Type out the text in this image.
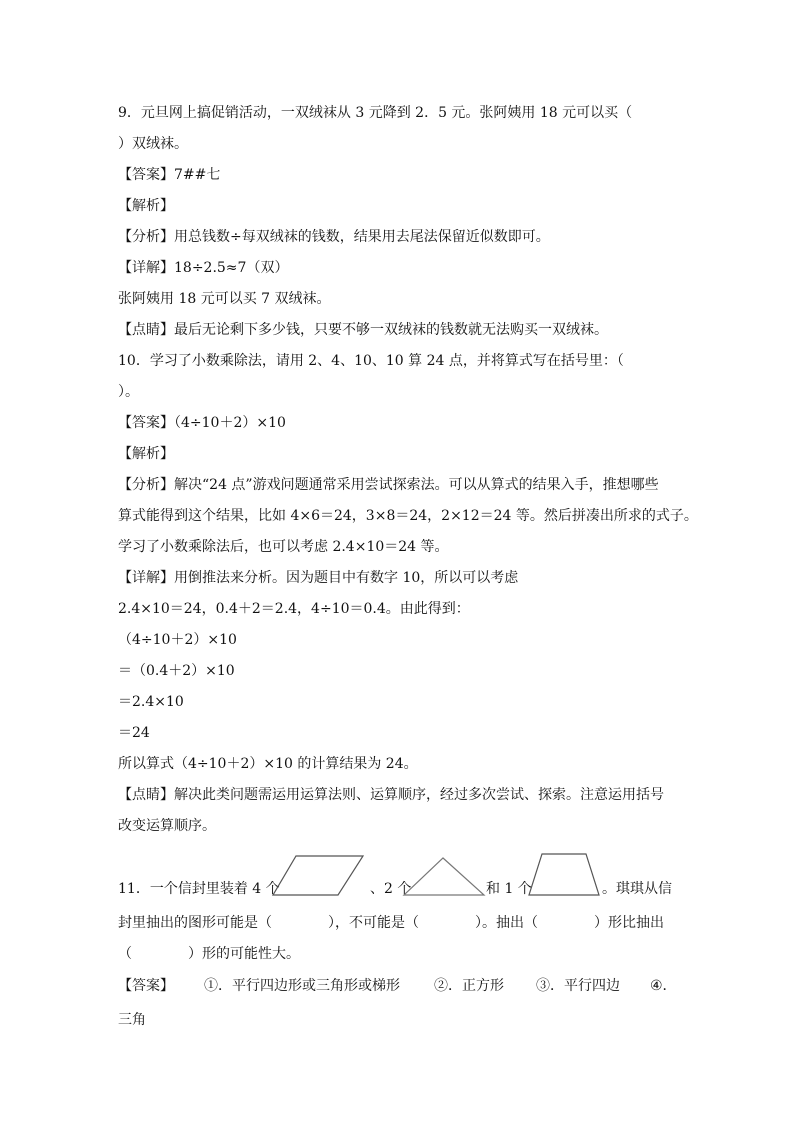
9．元旦网上搞促销活动，一双绒袜从 3 元降到 2．5 元。张阿姨用 18 元可以买（
）双绒袜。
【答案】7##七
【解析】
【分析】用总钱数÷每双绒袜的钱数，结果用去尾法保留近似数即可。
【详解】18÷2.5≈7（双）
张阿姨用 18 元可以买 7 双绒袜。
【点睛】最后无论剩下多少钱，只要不够一双绒袜的钱数就无法购买一双绒袜。
10．学习了小数乘除法，请用 2、4、10、10 算 24 点，并将算式写在括号里：（
）。
【答案】（4÷10＋2）×10
【解析】
【分析】解决“24 点”游戏问题通常采用尝试探索法。可以从算式的结果入手，推想哪些
算式能得到这个结果，比如 4×6＝24，3×8＝24，2×12＝24 等。然后拼凑出所求的式子。
学习了小数乘除法后，也可以考虑 2.4×10＝24 等。
【详解】用倒推法来分析。因为题目中有数字 10，所以可以考虑
2.4×10＝24，0.4＋2＝2.4，4÷10＝0.4。由此得到：
（4÷10＋2）×10
＝（0.4＋2）×10
＝2.4×10
＝24
所以算式（4÷10＋2）×10 的计算结果为 24。
【点睛】解决此类问题需运用运算法则、运算顺序，经过多次尝试、探索。注意运用括号
改变运算顺序。
11．一个信封里装着 4 个	、2 个	和 1 个	。琪琪从信
封里抽出的图形可能是（　　　　），不可能是（　　　　）。抽出（　　　　）形比抽出
（　　　　）形的可能性大。
【答案】 ①．平行四边形或三角形或梯形 ②．正方形 ③．平行四边 ④．
三角
